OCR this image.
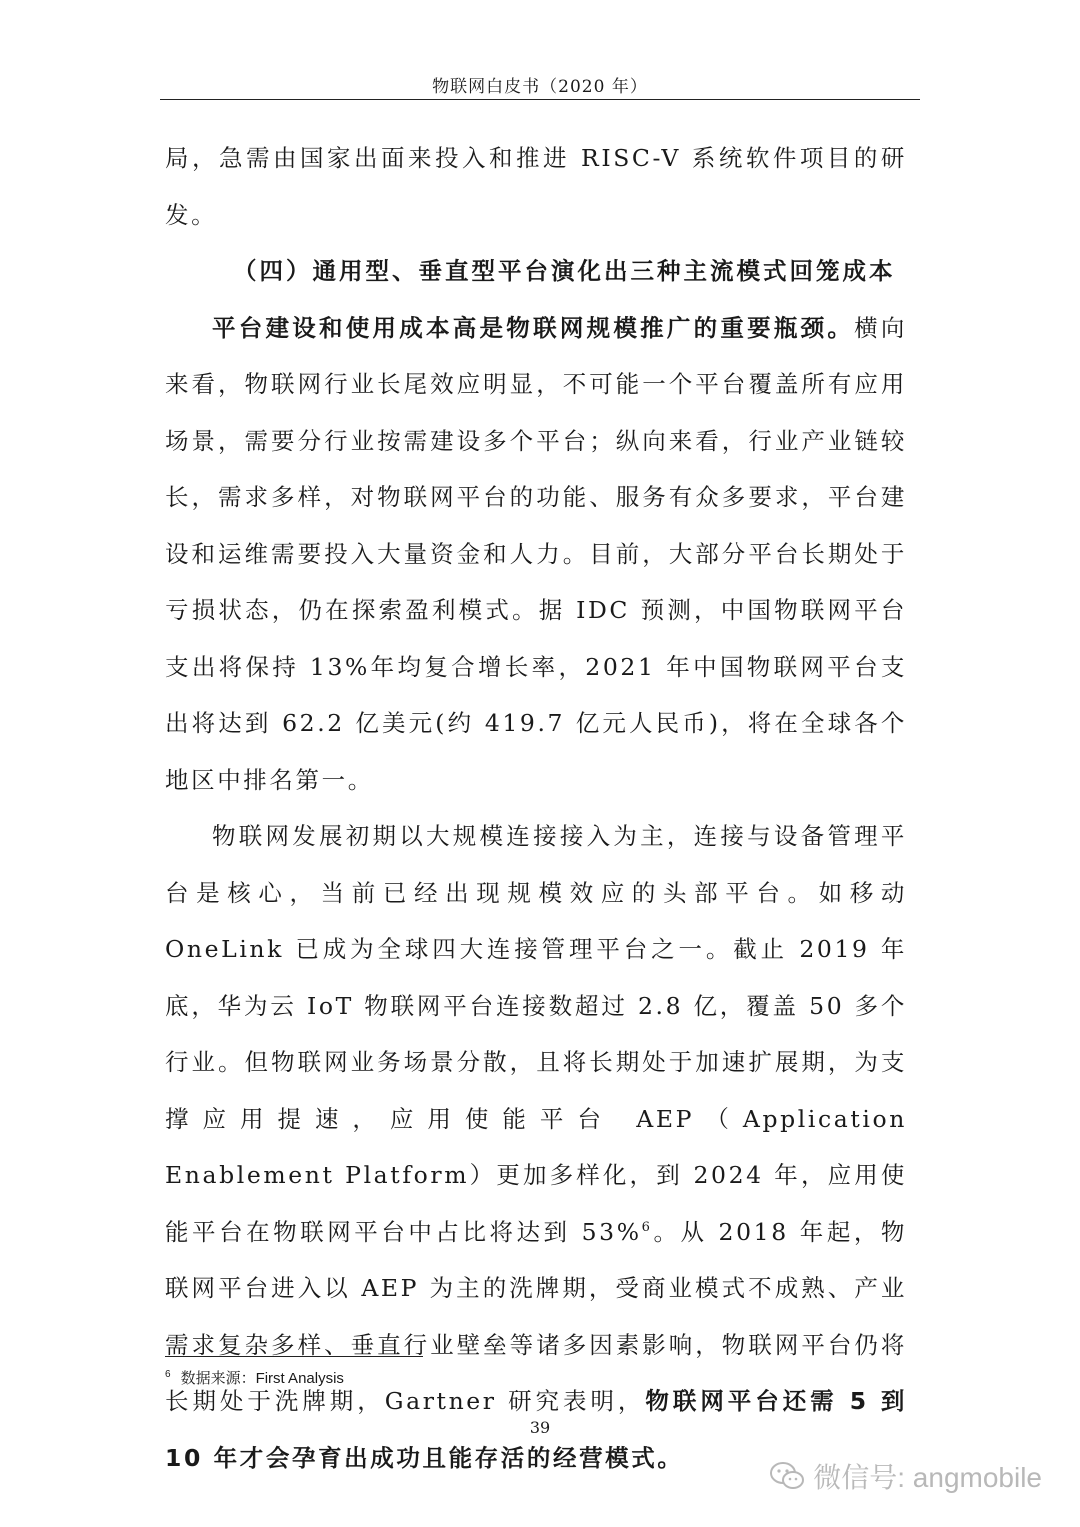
物联网白皮书（2020 年）

局，急需由国家出面来投入和推进 RISC-V 系统软件项目的研发。

（四）通用型、垂直型平台演化出三种主流模式回笼成本

平台建设和使用成本高是物联网规模推广的重要瓶颈。横向来看，物联网行业长尾效应明显，不可能一个平台覆盖所有应用场景，需要分行业按需建设多个平台；纵向来看，行业产业链较长，需求多样，对物联网平台的功能、服务有众多要求，平台建设和运维需要投入大量资金和人力。目前，大部分平台长期处于亏损状态，仍在探索盈利模式。据 IDC 预测，中国物联网平台支出将保持 13%年均复合增长率，2021 年中国物联网平台支出将达到 62.2 亿美元(约 419.7 亿元人民币)，将在全球各个地区中排名第一。

物联网发展初期以大规模连接接入为主，连接与设备管理平台是核心，当前已经出现规模效应的头部平台。如移动 OneLink 已成为全球四大连接管理平台之一。截止 2019 年底，华为云 IoT 物联网平台连接数超过 2.8 亿，覆盖 50 多个行业。但物联网业务场景分散，且将长期处于加速扩展期，为支撑应用提速，应用使能平台 AEP（Application Enablement Platform）更加多样化，到 2024 年，应用使能平台在物联网平台中占比将达到 53%$^6$。从 2018 年起，物联网平台进入以 AEP 为主的洗牌期，受商业模式不成熟、产业需求复杂多样、垂直行业壁垒等诸多因素影响，物联网平台仍将长期处于洗牌期，Gartner 研究表明，物联网平台还需 5 到 10 年才会孕育出成功且能存活的经营模式。

$^6$ 数据来源：First Analysis
39
微信号: angmobile
